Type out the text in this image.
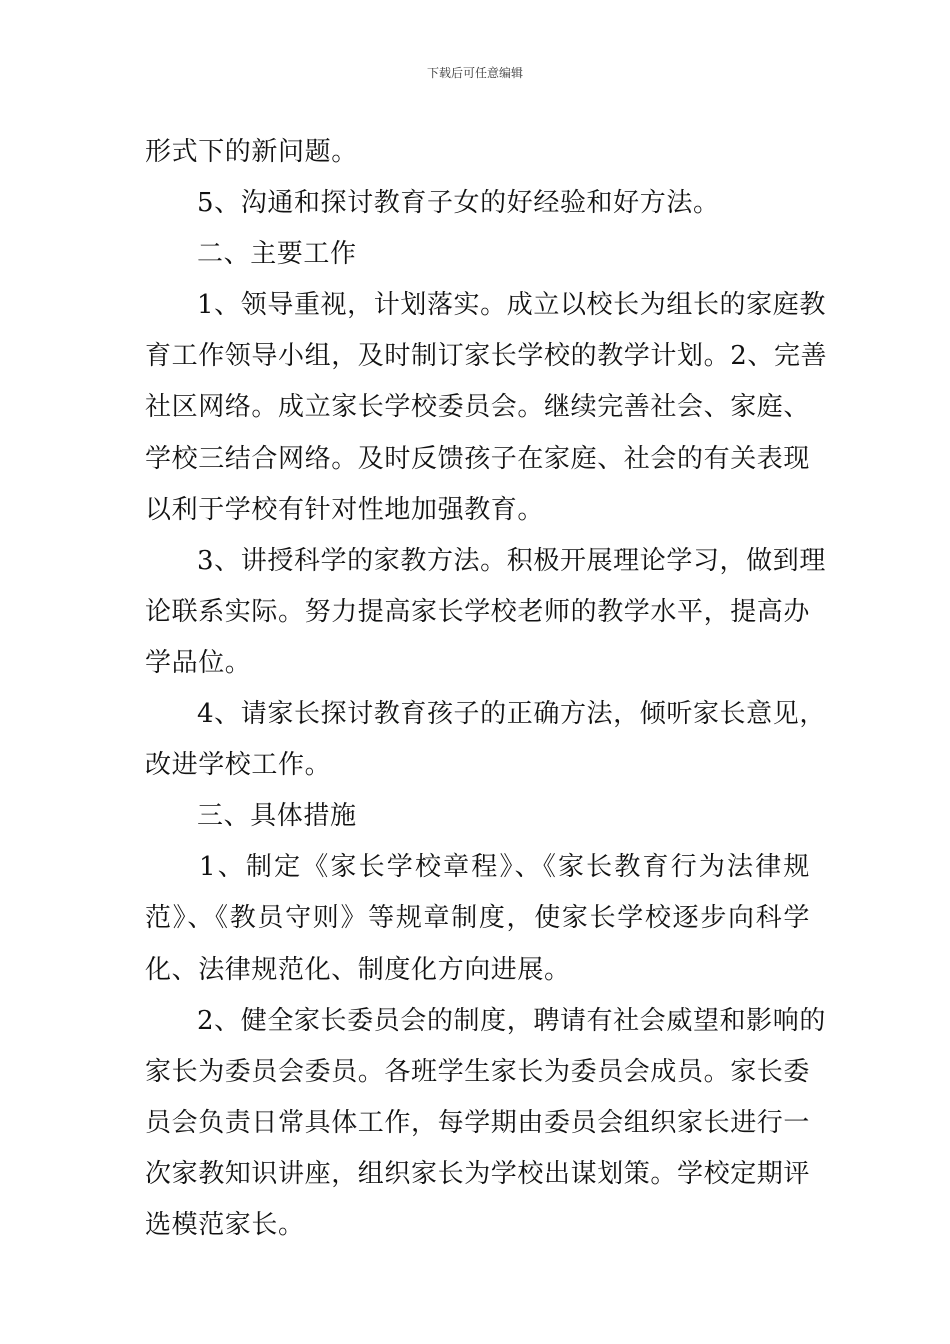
下载后可任意编辑
形式下的新问题。
5、沟通和探讨教育子女的好经验和好方法。
二、主要工作
1、领导重视，计划落实。成立以校长为组长的家庭教
育工作领导小组，及时制订家长学校的教学计划。2、完善
社区网络。成立家长学校委员会。继续完善社会、家庭、
学校三结合网络。及时反馈孩子在家庭、社会的有关表现
以利于学校有针对性地加强教育。
3、讲授科学的家教方法。积极开展理论学习，做到理
论联系实际。努力提高家长学校老师的教学水平，提高办
学品位。
4、请家长探讨教育孩子的正确方法，倾听家长意见，
改进学校工作。
三、具体措施
1、制定《家长学校章程》、《家长教育行为法律规
范》、《教员守则》等规章制度，使家长学校逐步向科学
化、法律规范化、制度化方向进展。
2、健全家长委员会的制度，聘请有社会威望和影响的
家长为委员会委员。各班学生家长为委员会成员。家长委
员会负责日常具体工作，每学期由委员会组织家长进行一
次家教知识讲座，组织家长为学校出谋划策。学校定期评
选模范家长。
